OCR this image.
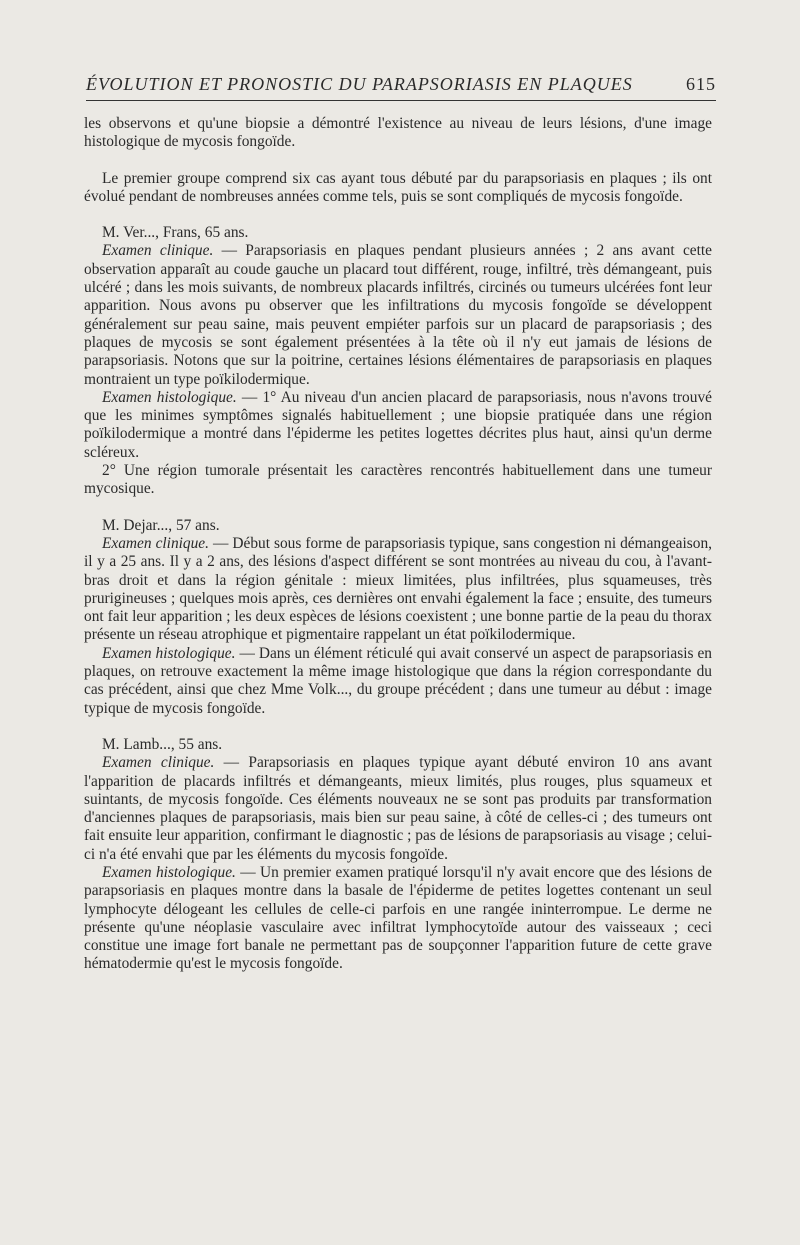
ÉVOLUTION ET PRONOSTIC DU PARAPSORIASIS EN PLAQUES	615

les observons et qu'une biopsie a démontré l'existence au niveau de leurs lésions, d'une image histologique de mycosis fongoïde.

Le premier groupe comprend six cas ayant tous débuté par du parapsoriasis en plaques ; ils ont évolué pendant de nombreuses années comme tels, puis se sont compliqués de mycosis fongoïde.

M. Ver..., Frans, 65 ans.

Examen clinique. — Parapsoriasis en plaques pendant plusieurs années ; 2 ans avant cette observation apparaît au coude gauche un placard tout différent, rouge, infiltré, très démangeant, puis ulcéré ; dans les mois suivants, de nombreux placards infiltrés, circinés ou tumeurs ulcérées font leur apparition. Nous avons pu observer que les infiltrations du mycosis fongoïde se développent généralement sur peau saine, mais peuvent empiéter parfois sur un placard de parapsoriasis ; des plaques de mycosis se sont également présentées à la tête où il n'y eut jamais de lésions de parapsoriasis. Notons que sur la poitrine, certaines lésions élémentaires de parapsoriasis en plaques montraient un type poïkilodermique.

Examen histologique. — 1° Au niveau d'un ancien placard de parapsoriasis, nous n'avons trouvé que les minimes symptômes signalés habituellement ; une biopsie pratiquée dans une région poïkilodermique a montré dans l'épiderme les petites logettes décrites plus haut, ainsi qu'un derme scléreux.

2° Une région tumorale présentait les caractères rencontrés habituellement dans une tumeur mycosique.

M. Dejar..., 57 ans.

Examen clinique. — Début sous forme de parapsoriasis typique, sans congestion ni démangeaison, il y a 25 ans. Il y a 2 ans, des lésions d'aspect différent se sont montrées au niveau du cou, à l'avant-bras droit et dans la région génitale : mieux limitées, plus infiltrées, plus squameuses, très prurigineuses ; quelques mois après, ces dernières ont envahi également la face ; ensuite, des tumeurs ont fait leur apparition ; les deux espèces de lésions coexistent ; une bonne partie de la peau du thorax présente un réseau atrophique et pigmentaire rappelant un état poïkilodermique.

Examen histologique. — Dans un élément réticulé qui avait conservé un aspect de parapsoriasis en plaques, on retrouve exactement la même image histologique que dans la région correspondante du cas précédent, ainsi que chez Mme Volk..., du groupe précédent ; dans une tumeur au début : image typique de mycosis fongoïde.

M. Lamb..., 55 ans.

Examen clinique. — Parapsoriasis en plaques typique ayant débuté environ 10 ans avant l'apparition de placards infiltrés et démangeants, mieux limités, plus rouges, plus squameux et suintants, de mycosis fongoïde. Ces éléments nouveaux ne se sont pas produits par transformation d'anciennes plaques de parapsoriasis, mais bien sur peau saine, à côté de celles-ci ; des tumeurs ont fait ensuite leur apparition, confirmant le diagnostic ; pas de lésions de parapsoriasis au visage ; celui-ci n'a été envahi que par les éléments du mycosis fongoïde.

Examen histologique. — Un premier examen pratiqué lorsqu'il n'y avait encore que des lésions de parapsoriasis en plaques montre dans la basale de l'épiderme de petites logettes contenant un seul lymphocyte délogeant les cellules de celle-ci parfois en une rangée ininterrompue. Le derme ne présente qu'une néoplasie vasculaire avec infiltrat lymphocytoïde autour des vaisseaux ; ceci constitue une image fort banale ne permettant pas de soupçonner l'apparition future de cette grave hématodermie qu'est le mycosis fongoïde.
